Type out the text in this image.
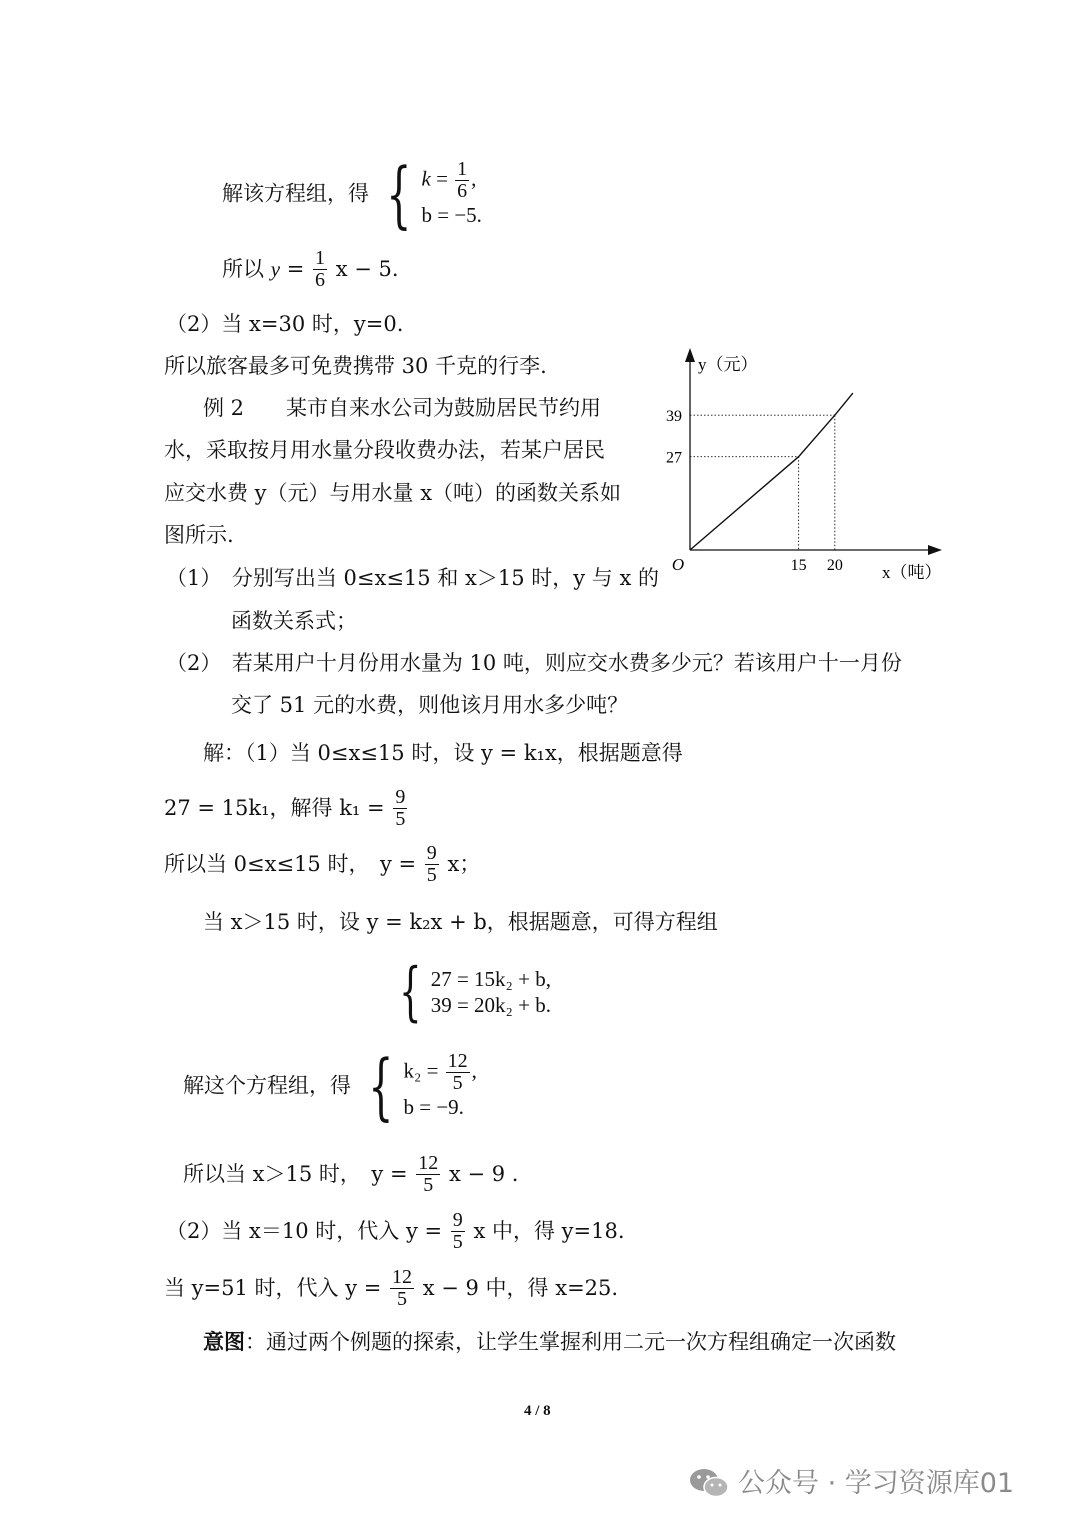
解该方程组，得 { $k = \frac{1}{6}$ ,
b = −5.
所以 $y = \frac{1}{6}$ x − 5.
（2）当 x=30 时，y=0.
所以旅客最多可免费携带 30 千克的行李.
例 2　　某市自来水公司为鼓励居民节约用
水，采取按月用水量分段收费办法，若某户居民
应交水费 y（元）与用水量 x（吨）的函数关系如
图所示.
（1）　分别写出当 0≤x≤15 和 x＞15 时，y 与 x 的
函数关系式；
（2）　若某用户十月份用水量为 10 吨，则应交水费多少元？若该用户十一月份
交了 51 元的水费，则他该月用水多少吨？
解：（1）当 0≤x≤15 时，设 y = k₁x，根据题意得
27 = 15k₁，解得 $k_1 = \frac{9}{5}$
所以当 0≤x≤15 时，　$y = \frac{9}{5}$ x；
当 x＞15 时，设 y = k₂x + b，根据题意，可得方程组
{ 27 = 15k₂ + b,
39 = 20k₂ + b.
解这个方程组，得 { $k_2 = \frac{12}{5}$ ,
b = −9.
所以当 x＞15 时，　$y = \frac{12}{5}$ x − 9 .
（2）当 x＝10 时，代入 $y = \frac{9}{5}$ x 中，得 y=18.
当 y=51 时，代入 $y = \frac{12}{5}$ x − 9 中，得 x=25.
意图：通过两个例题的探索，让学生掌握利用二元一次方程组确定一次函数
4 / 8
公众号 · 学习资源库01
15 20
27
39
O
y（元）
x（吨）
